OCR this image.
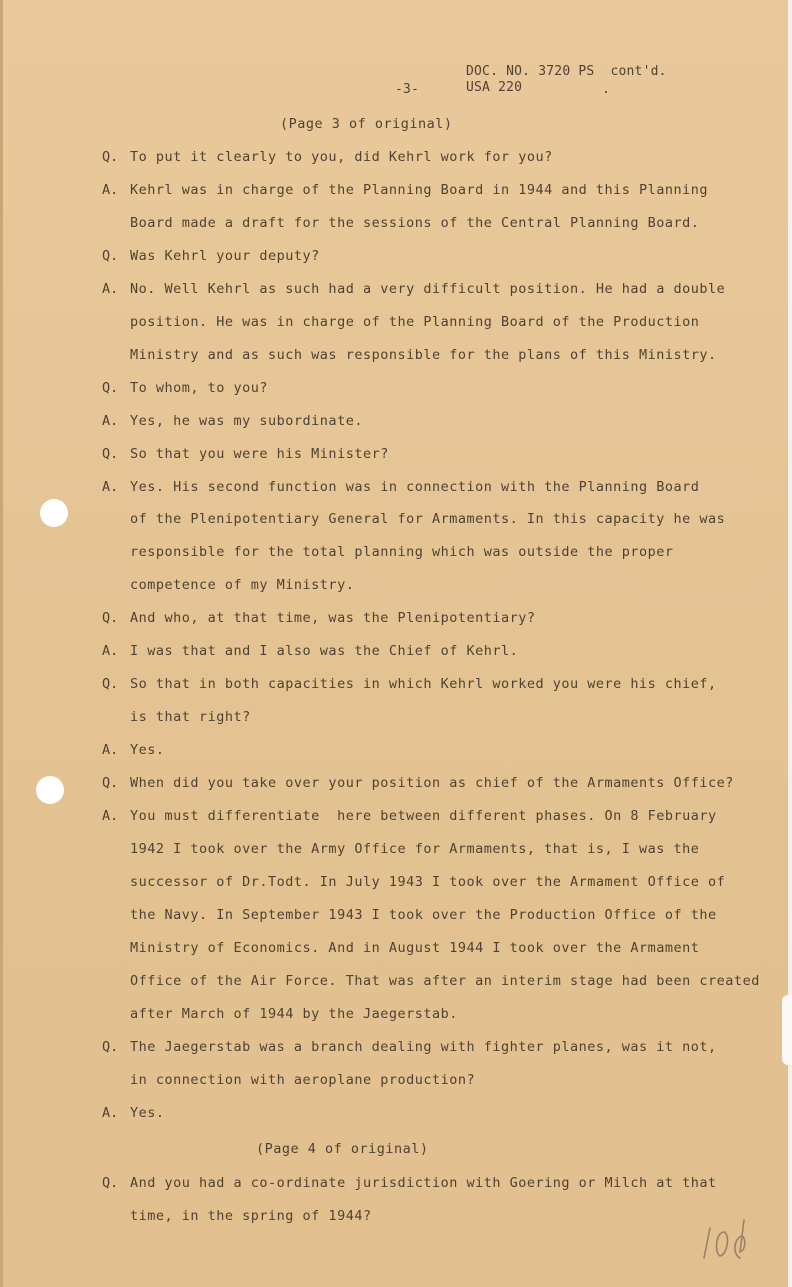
DOC. NO. 3720 PS  cont'd.
-3-	USA 220	.
(Page 3 of original)
Q. To put it clearly to you, did Kehrl work for you?
A. Kehrl was in charge of the Planning Board in 1944 and this Planning
Board made a draft for the sessions of the Central Planning Board.
Q. Was Kehrl your deputy?
A. No. Well Kehrl as such had a very difficult position. He had a double
position. He was in charge of the Planning Board of the Production
Ministry and as such was responsible for the plans of this Ministry.
Q. To whom, to you?
A. Yes, he was my subordinate.
Q. So that you were his Minister?
A. Yes. His second function was in connection with the Planning Board
of the Plenipotentiary General for Armaments. In this capacity he was
responsible for the total planning which was outside the proper
competence of my Ministry.
Q. And who, at that time, was the Plenipotentiary?
A. I was that and I also was the Chief of Kehrl.
Q. So that in both capacities in which Kehrl worked you were his chief,
is that right?
A. Yes.
Q. When did you take over your position as chief of the Armaments Office?
A. You must differentiate  here between different phases. On 8 February
1942 I took over the Army Office for Armaments, that is, I was the
successor of Dr.Todt. In July 1943 I took over the Armament Office of
the Navy. In September 1943 I took over the Production Office of the
Ministry of Economics. And in August 1944 I took over the Armament
Office of the Air Force. That was after an interim stage had been created
after March of 1944 by the Jaegerstab.
Q. The Jaegerstab was a branch dealing with fighter planes, was it not,
in connection with aeroplane production?
A. Yes.
(Page 4 of original)
Q. And you had a co-ordinate jurisdiction with Goering or Milch at that
time, in the spring of 1944?
